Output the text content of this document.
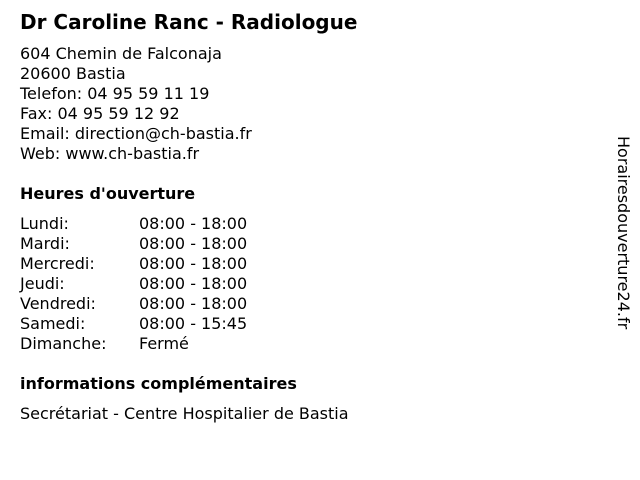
Dr Caroline Ranc - Radiologue
604 Chemin de Falconaja
20600 Bastia
Telefon: 04 95 59 11 19
Fax: 04 95 59 12 92
Email: direction@ch-bastia.fr
Web: www.ch-bastia.fr
Heures d'ouverture
Lundi:	08:00 - 18:00
Mardi:	08:00 - 18:00
Mercredi:	08:00 - 18:00
Jeudi:	08:00 - 18:00
Vendredi:	08:00 - 18:00
Samedi:	08:00 - 15:45
Dimanche: Fermé
informations complémentaires
Secrétariat - Centre Hospitalier de Bastia
Horairesdouverture24.fr
